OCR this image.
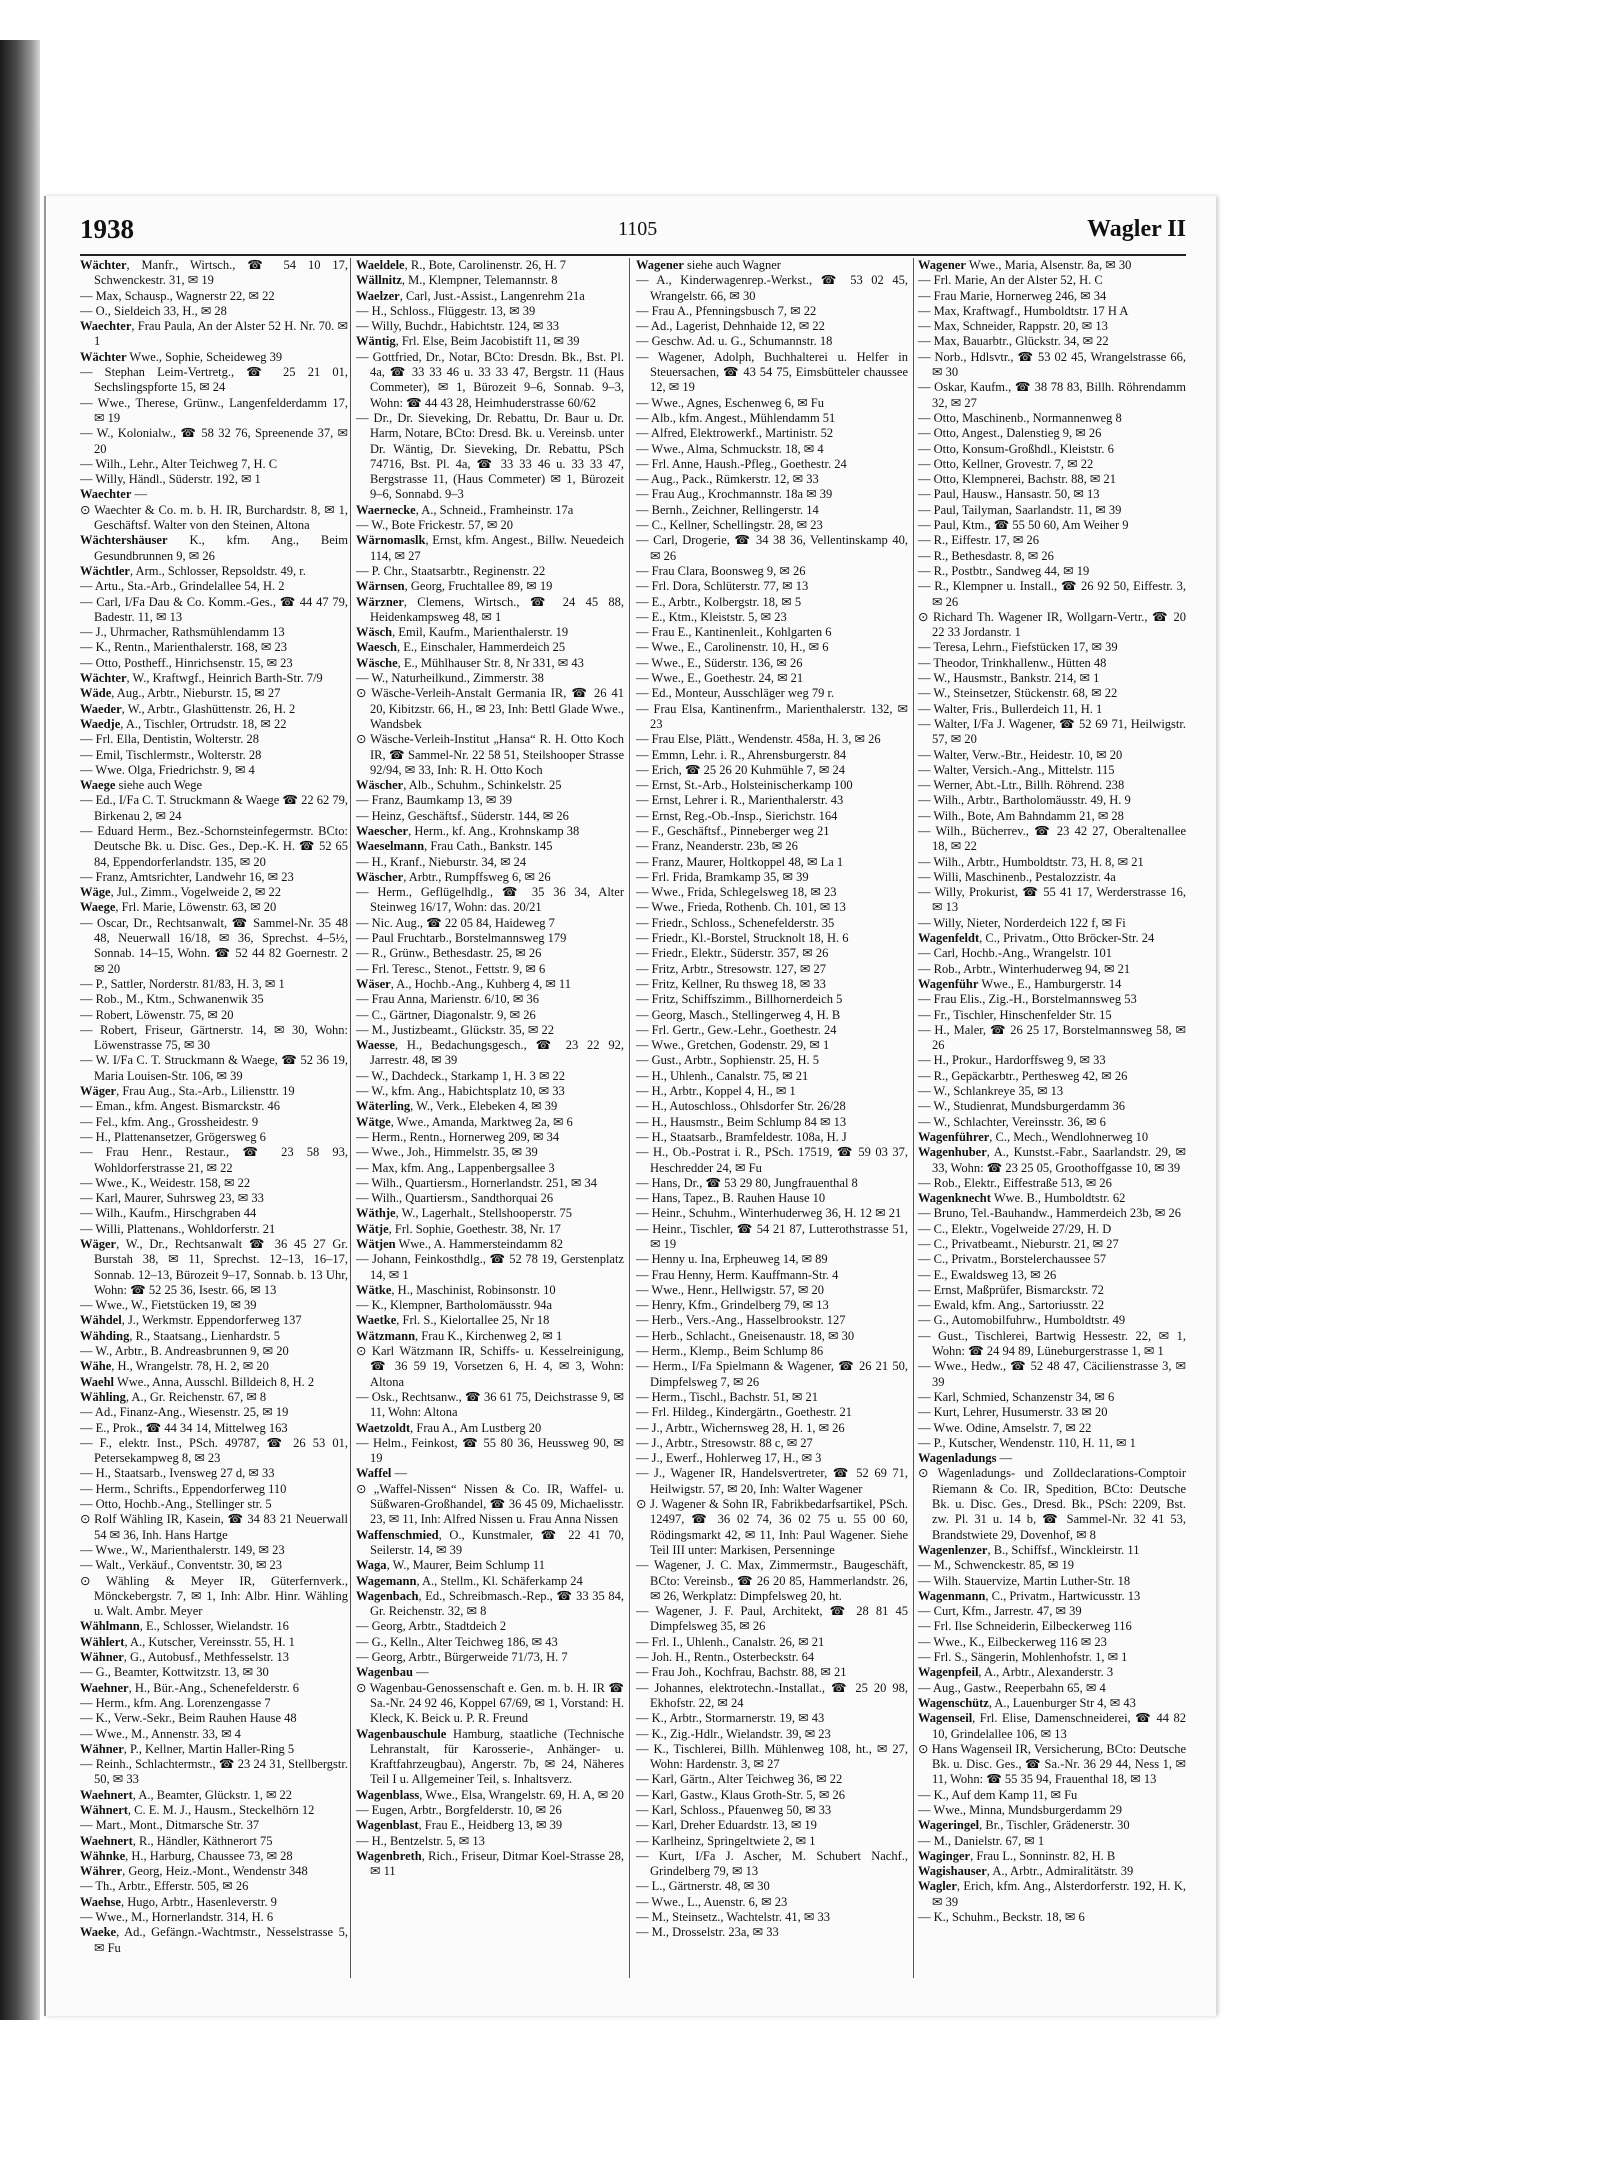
1938	1105	Wagler II

Wächter, Manfr., Wirtsch., ☎ 54 10 17, Schwenckestr. 31, ✉ 19

— Max, Schausp., Wagnerstr 22, ✉ 22

— O., Sieldeich 33, H., ✉ 28

Waechter, Frau Paula, An der Alster 52 H. Nr. 70. ✉ 1

Wächter Wwe., Sophie, Scheideweg 39

— Stephan Leim-Vertretg., ☎ 25 21 01, Sechslingspforte 15, ✉ 24

— Wwe., Therese, Grünw., Langenfelderdamm 17, ✉ 19

— W., Kolonialw., ☎ 58 32 76, Spreenende 37, ✉ 20

— Wilh., Lehr., Alter Teichweg 7, H. C

— Willy, Händl., Süderstr. 192, ✉ 1

Waechter —

⊙ Waechter & Co. m. b. H. IR, Burchardstr. 8, ✉ 1, Geschäftsf. Walter von den Steinen, Altona

Wächtershäuser K., kfm. Ang., Beim Gesundbrunnen 9, ✉ 26

Wächtler, Arm., Schlosser, Repsoldstr. 49, r.

— Artu., Sta.-Arb., Grindelallee 54, H. 2

— Carl, I/Fa Dau & Co. Komm.-Ges., ☎ 44 47 79, Badestr. 11, ✉ 13

— J., Uhrmacher, Rathsmühlendamm 13

— K., Rentn., Marienthalerstr. 168, ✉ 23

— Otto, Postheff., Hinrichsenstr. 15, ✉ 23

Wächter, W., Kraftwgf., Heinrich Barth-Str. 7/9

Wäde, Aug., Arbtr., Nieburstr. 15, ✉ 27

Waeder, W., Arbtr., Glashüttenstr. 26, H. 2

Waedje, A., Tischler, Ortrudstr. 18, ✉ 22

— Frl. Ella, Dentistin, Wolterstr. 28

— Emil, Tischlermstr., Wolterstr. 28

— Wwe. Olga, Friedrichstr. 9, ✉ 4

Waege siehe auch Wege

— Ed., I/Fa C. T. Struckmann & Waege ☎ 22 62 79, Birkenau 2, ✉ 24

— Eduard Herm., Bez.-Schornsteinfegermstr. BCto: Deutsche Bk. u. Disc. Ges., Dep.-K. H. ☎ 52 65 84, Eppendorferlandstr. 135, ✉ 20

— Franz, Amtsrichter, Landwehr 16, ✉ 23

Wäge, Jul., Zimm., Vogelweide 2, ✉ 22

Waege, Frl. Marie, Löwenstr. 63, ✉ 20

— Oscar, Dr., Rechtsanwalt, ☎ Sammel-Nr. 35 48 48, Neuerwall 16/18, ✉ 36, Sprechst. 4–5½, Sonnab. 14–15, Wohn. ☎ 52 44 82 Goernestr. 2 ✉ 20

— P., Sattler, Norderstr. 81/83, H. 3, ✉ 1

— Rob., M., Ktm., Schwanenwik 35

— Robert, Löwenstr. 75, ✉ 20

— Robert, Friseur, Gärtnerstr. 14, ✉ 30, Wohn: Löwenstrasse 75, ✉ 30

— W. I/Fa C. T. Struckmann & Waege, ☎ 52 36 19, Maria Louisen-Str. 106, ✉ 39

Wäger, Frau Aug., Sta.-Arb., Liliensttr. 19

— Eman., kfm. Angest. Bismarckstr. 46

— Fel., kfm. Ang., Grossheidestr. 9

— H., Plattenansetzer, Grögersweg 6

— Frau Henr., Restaur., ☎ 23 58 93, Wohldorferstrasse 21, ✉ 22

— Wwe., K., Weidestr. 158, ✉ 22

— Karl, Maurer, Suhrsweg 23, ✉ 33

— Wilh., Kaufm., Hirschgraben 44

— Willi, Plattenans., Wohldorferstr. 21

Wäger, W., Dr., Rechtsanwalt ☎ 36 45 27 Gr. Burstah 38, ✉ 11, Sprechst. 12–13, 16–17, Sonnab. 12–13, Bürozeit 9–17, Sonnab. b. 13 Uhr, Wohn: ☎ 52 25 36, Isestr. 66, ✉ 13

— Wwe., W., Fietstücken 19, ✉ 39

Wähdel, J., Werkmstr. Eppendorferweg 137

Wähding, R., Staatsang., Lienhardstr. 5

— W., Arbtr., B. Andreasbrunnen 9, ✉ 20

Wähe, H., Wrangelstr. 78, H. 2, ✉ 20

Waehl Wwe., Anna, Ausschl. Billdeich 8, H. 2

Wähling, A., Gr. Reichenstr. 67, ✉ 8

— Ad., Finanz-Ang., Wiesenstr. 25, ✉ 19

— E., Prok., ☎ 44 34 14, Mittelweg 163

— F., elektr. Inst., PSch. 49787, ☎ 26 53 01, Petersekampweg 8, ✉ 23

— H., Staatsarb., Ivensweg 27 d, ✉ 33

— Herm., Schrifts., Eppendorferweg 110

— Otto, Hochb.-Ang., Stellinger str. 5

⊙ Rolf Wähling IR, Kasein, ☎ 34 83 21 Neuerwall 54 ✉ 36, Inh. Hans Hartge

— Wwe., W., Marienthalerstr. 149, ✉ 23

— Walt., Verkäuf., Conventstr. 30, ✉ 23

⊙ Wähling & Meyer IR, Güterfernverk., Mönckebergstr. 7, ✉ 1, Inh: Albr. Hinr. Wähling u. Walt. Ambr. Meyer

Wählmann, E., Schlosser, Wielandstr. 16

Wählert, A., Kutscher, Vereinsstr. 55, H. 1

Wähner, G., Autobusf., Methfesselstr. 13

— G., Beamter, Kottwitzstr. 13, ✉ 30

Waehner, H., Bür.-Ang., Schenefelderstr. 6

— Herm., kfm. Ang. Lorenzengasse 7

— K., Verw.-Sekr., Beim Rauhen Hause 48

— Wwe., M., Annenstr. 33, ✉ 4

Wähner, P., Kellner, Martin Haller-Ring 5

— Reinh., Schlachtermstr., ☎ 23 24 31, Stellbergstr. 50, ✉ 33

Waehnert, A., Beamter, Glückstr. 1, ✉ 22

Wähnert, C. E. M. J., Hausm., Steckelhörn 12

— Mart., Mont., Ditmarsche Str. 37

Waehnert, R., Händler, Käthnerort 75

Wähnke, H., Harburg, Chaussee 73, ✉ 28

Währer, Georg, Heiz.-Mont., Wendenstr 348

— Th., Arbtr., Efferstr. 505, ✉ 26

Waehse, Hugo, Arbtr., Hasenleverstr. 9

— Wwe., M., Hornerlandstr. 314, H. 6

Waeke, Ad., Gefängn.-Wachtmstr., Nesselstrasse 5, ✉ Fu

Waeldele, R., Bote, Carolinenstr. 26, H. 7

Wällnitz, M., Klempner, Telemannstr. 8

Waelzer, Carl, Just.-Assist., Langenrehm 21a

— H., Schloss., Flüggestr. 13, ✉ 39

— Willy, Buchdr., Habichtstr. 124, ✉ 33

Wäntig, Frl. Else, Beim Jacobistift 11, ✉ 39

— Gottfried, Dr., Notar, BCto: Dresdn. Bk., Bst. Pl. 4a, ☎ 33 33 46 u. 33 33 47, Bergstr. 11 (Haus Commeter), ✉ 1, Bürozeit 9–6, Sonnab. 9–3, Wohn: ☎ 44 43 28, Heimhuderstrasse 60/62

— Dr., Dr. Sieveking, Dr. Rebattu, Dr. Baur u. Dr. Harm, Notare, BCto: Dresd. Bk. u. Vereinsb. unter Dr. Wäntig, Dr. Sieveking, Dr. Rebattu, PSch 74716, Bst. Pl. 4a, ☎ 33 33 46 u. 33 33 47, Bergstrasse 11, (Haus Commeter) ✉ 1, Bürozeit 9–6, Sonnabd. 9–3

Waernecke, A., Schneid., Framheinstr. 17a

— W., Bote Frickestr. 57, ✉ 20

Wärnomaslk, Ernst, kfm. Angest., Billw. Neuedeich 114, ✉ 27

— P. Chr., Staatsarbtr., Reginenstr. 22

Wärnsen, Georg, Fruchtallee 89, ✉ 19

Wärzner, Clemens, Wirtsch., ☎ 24 45 88, Heidenkampsweg 48, ✉ 1

Wäsch, Emil, Kaufm., Marienthalerstr. 19

Waesch, E., Einschaler, Hammerdeich 25

Wäsche, E., Mühlhauser Str. 8, Nr 331, ✉ 43

— W., Naturheilkund., Zimmerstr. 38

⊙ Wäsche-Verleih-Anstalt Germania IR, ☎ 26 41 20, Kibitzstr. 66, H., ✉ 23, Inh: Bettl Glade Wwe., Wandsbek

⊙ Wäsche-Verleih-Institut „Hansa“ R. H. Otto Koch IR, ☎ Sammel-Nr. 22 58 51, Steilshooper Strasse 92/94, ✉ 33, Inh: R. H. Otto Koch

Wäscher, Alb., Schuhm., Schinkelstr. 25

— Franz, Baumkamp 13, ✉ 39

— Heinz, Geschäftsf., Süderstr. 144, ✉ 26

Waescher, Herm., kf. Ang., Krohnskamp 38

Waeselmann, Frau Cath., Bankstr. 145

— H., Kranf., Nieburstr. 34, ✉ 24

Wäscher, Arbtr., Rumpffsweg 6, ✉ 26

— Herm., Geflügelhdlg., ☎ 35 36 34, Alter Steinweg 16/17, Wohn: das. 20/21

— Nic. Aug., ☎ 22 05 84, Haideweg 7

— Paul Fruchtarb., Borstelmannsweg 179

— R., Grünw., Bethesdastr. 25, ✉ 26

— Frl. Teresc., Stenot., Fettstr. 9, ✉ 6

Wäser, A., Hochb.-Ang., Kuhberg 4, ✉ 11

— Frau Anna, Marienstr. 6/10, ✉ 36

— C., Gärtner, Diagonalstr. 9, ✉ 26

— M., Justizbeamt., Glückstr. 35, ✉ 22

Waesse, H., Bedachungsgesch., ☎ 23 22 92, Jarrestr. 48, ✉ 39

— W., Dachdeck., Starkamp 1, H. 3 ✉ 22

— W., kfm. Ang., Habichtsplatz 10, ✉ 33

Wäterling, W., Verk., Elebeken 4, ✉ 39

Wätge, Wwe., Amanda, Marktweg 2a, ✉ 6

— Herm., Rentn., Hornerweg 209, ✉ 34

— Wwe., Joh., Himmelstr. 35, ✉ 39

— Max, kfm. Ang., Lappenbergsallee 3

— Wilh., Quartiersm., Hornerlandstr. 251, ✉ 34

— Wilh., Quartiersm., Sandthorquai 26

Wäthje, W., Lagerhalt., Stellshooperstr. 75

Wätje, Frl. Sophie, Goethestr. 38, Nr. 17

Wätjen Wwe., A. Hammersteindamm 82

— Johann, Feinkosthdlg., ☎ 52 78 19, Gerstenplatz 14, ✉ 1

Wätke, H., Maschinist, Robinsonstr. 10

— K., Klempner, Bartholomäusstr. 94a

Waetke, Frl. S., Kielortallee 25, Nr 18

Wätzmann, Frau K., Kirchenweg 2, ✉ 1

⊙ Karl Wätzmann IR, Schiffs- u. Kesselreinigung, ☎ 36 59 19, Vorsetzen 6, H. 4, ✉ 3, Wohn: Altona

— Osk., Rechtsanw., ☎ 36 61 75, Deichstrasse 9, ✉ 11, Wohn: Altona

Waetzoldt, Frau A., Am Lustberg 20

— Helm., Feinkost, ☎ 55 80 36, Heussweg 90, ✉ 19

Waffel —

⊙ „Waffel-Nissen“ Nissen & Co. IR, Waffel- u. Süßwaren-Großhandel, ☎ 36 45 09, Michaelisstr. 23, ✉ 11, Inh: Alfred Nissen u. Frau Anna Nissen

Waffenschmied, O., Kunstmaler, ☎ 22 41 70, Seilerstr. 14, ✉ 39

Waga, W., Maurer, Beim Schlump 11

Wagemann, A., Stellm., Kl. Schäferkamp 24

Wagenbach, Ed., Schreibmasch.-Rep., ☎ 33 35 84, Gr. Reichenstr. 32, ✉ 8

— Georg, Arbtr., Stadtdeich 2

— G., Kelln., Alter Teichweg 186, ✉ 43

— Georg, Arbtr., Bürgerweide 71/73, H. 7

Wagenbau —

⊙ Wagenbau-Genossenschaft e. Gen. m. b. H. IR ☎ Sa.-Nr. 24 92 46, Koppel 67/69, ✉ 1, Vorstand: H. Kleck, K. Beick u. P. R. Freund

Wagenbauschule Hamburg, staatliche (Technische Lehranstalt, für Karosserie-, Anhänger- u. Kraftfahrzeugbau), Angerstr. 7b, ✉ 24, Näheres Teil I u. Allgemeiner Teil, s. Inhaltsverz.

Wagenblass, Wwe., Elsa, Wrangelstr. 69, H. A, ✉ 20

— Eugen, Arbtr., Borgfelderstr. 10, ✉ 26

Wagenblast, Frau E., Heidberg 13, ✉ 39

— H., Bentzelstr. 5, ✉ 13

Wagenbreth, Rich., Friseur, Ditmar Koel-Strasse 28, ✉ 11

Wagener siehe auch Wagner

— A., Kinderwagenrep.-Werkst., ☎ 53 02 45, Wrangelstr. 66, ✉ 30

— Frau A., Pfenningsbusch 7, ✉ 22

— Ad., Lagerist, Dehnhaide 12, ✉ 22

— Geschw. Ad. u. G., Schumannstr. 18

— Wagener, Adolph, Buchhalterei u. Helfer in Steuersachen, ☎ 43 54 75, Eimsbütteler chaussee 12, ✉ 19

— Wwe., Agnes, Eschenweg 6, ✉ Fu

— Alb., kfm. Angest., Mühlendamm 51

— Alfred, Elektrowerkf., Martinistr. 52

— Wwe., Alma, Schmuckstr. 18, ✉ 4

— Frl. Anne, Haush.-Pfleg., Goethestr. 24

— Aug., Pack., Rümkerstr. 12, ✉ 33

— Frau Aug., Krochmannstr. 18a ✉ 39

— Bernh., Zeichner, Rellingerstr. 14

— C., Kellner, Schellingstr. 28, ✉ 23

— Carl, Drogerie, ☎ 34 38 36, Vellentinskamp 40, ✉ 26

— Frau Clara, Boonsweg 9, ✉ 26

— Frl. Dora, Schlüterstr. 77, ✉ 13

— E., Arbtr., Kolbergstr. 18, ✉ 5

— E., Ktm., Kleiststr. 5, ✉ 23

— Frau E., Kantinenleit., Kohlgarten 6

— Wwe., E., Carolinenstr. 10, H., ✉ 6

— Wwe., E., Süderstr. 136, ✉ 26

— Wwe., E., Goethestr. 24, ✉ 21

— Ed., Monteur, Ausschläger weg 79 r.

— Frau Elsa, Kantinenfrm., Marienthalerstr. 132, ✉ 23

— Frau Else, Plätt., Wendenstr. 458a, H. 3, ✉ 26

— Emmn, Lehr. i. R., Ahrensburgerstr. 84

— Erich, ☎ 25 26 20 Kuhmühle 7, ✉ 24

— Ernst, St.-Arb., Holsteinischerkamp 100

— Ernst, Lehrer i. R., Marienthalerstr. 43

— Ernst, Reg.-Ob.-Insp., Sierichstr. 164

— F., Geschäftsf., Pinneberger weg 21

— Franz, Neanderstr. 23b, ✉ 26

— Franz, Maurer, Holtkoppel 48, ✉ La 1

— Frl. Frida, Bramkamp 35, ✉ 39

— Wwe., Frida, Schlegelsweg 18, ✉ 23

— Wwe., Frieda, Rothenb. Ch. 101, ✉ 13

— Friedr., Schloss., Schenefelderstr. 35

— Friedr., Kl.-Borstel, Strucknolt 18, H. 6

— Friedr., Elektr., Süderstr. 357, ✉ 26

— Fritz, Arbtr., Stresowstr. 127, ✉ 27

— Fritz, Kellner, Ru thsweg 18, ✉ 33

— Fritz, Schiffszimm., Billhornerdeich 5

— Georg, Masch., Stellingerweg 4, H. B

— Frl. Gertr., Gew.-Lehr., Goethestr. 24

— Wwe., Gretchen, Godenstr. 29, ✉ 1

— Gust., Arbtr., Sophienstr. 25, H. 5

— H., Uhlenh., Canalstr. 75, ✉ 21

— H., Arbtr., Koppel 4, H., ✉ 1

— H., Autoschloss., Ohlsdorfer Str. 26/28

— H., Hausmstr., Beim Schlump 84 ✉ 13

— H., Staatsarb., Bramfeldestr. 108a, H. J

— H., Ob.-Postrat i. R., PSch. 17519, ☎ 59 03 37, Heschredder 24, ✉ Fu

— Hans, Dr., ☎ 53 29 80, Jungfrauenthal 8

— Hans, Tapez., B. Rauhen Hause 10

— Heinr., Schuhm., Winterhuderweg 36, H. 12 ✉ 21

— Heinr., Tischler, ☎ 54 21 87, Lutterothstrasse 51, ✉ 19

— Henny u. Ina, Erpheuweg 14, ✉ 89

— Frau Henny, Herm. Kauffmann-Str. 4

— Wwe., Henr., Hellwigstr. 57, ✉ 20

— Henry, Kfm., Grindelberg 79, ✉ 13

— Herb., Vers.-Ang., Hasselbrookstr. 127

— Herb., Schlacht., Gneisenaustr. 18, ✉ 30

— Herm., Klemp., Beim Schlump 86

— Herm., I/Fa Spielmann & Wagener, ☎ 26 21 50, Dimpfelsweg 7, ✉ 26

— Herm., Tischl., Bachstr. 51, ✉ 21

— Frl. Hildeg., Kindergärtn., Goethestr. 21

— J., Arbtr., Wichernsweg 28, H. 1, ✉ 26

— J., Arbtr., Stresowstr. 88 c, ✉ 27

— J., Ewerf., Hohlerweg 17, H., ✉ 3

— J., Wagener IR, Handelsvertreter, ☎ 52 69 71, Heilwigstr. 57, ✉ 20, Inh: Walter Wagener

⊙ J. Wagener & Sohn IR, Fabrikbedarfsartikel, PSch. 12497, ☎ 36 02 74, 36 02 75 u. 55 00 60, Rödingsmarkt 42, ✉ 11, Inh: Paul Wagener. Siehe Teil III unter: Markisen, Persenninge

— Wagener, J. C. Max, Zimmermstr., Baugeschäft, BCto: Vereinsb., ☎ 26 20 85, Hammerlandstr. 26, ✉ 26, Werkplatz: Dimpfelsweg 20, ht.

— Wagener, J. F. Paul, Architekt, ☎ 28 81 45 Dimpfelsweg 35, ✉ 26

— Frl. I., Uhlenh., Canalstr. 26, ✉ 21

— Joh. H., Rentn., Osterbeckstr. 64

— Frau Joh., Kochfrau, Bachstr. 88, ✉ 21

— Johannes, elektrotechn.-Installat., ☎ 25 20 98, Ekhofstr. 22, ✉ 24

— K., Arbtr., Stormarnerstr. 19, ✉ 43

— K., Zig.-Hdlr., Wielandstr. 39, ✉ 23

— K., Tischlerei, Billh. Mühlenweg 108, ht., ✉ 27, Wohn: Hardenstr. 3, ✉ 27

— Karl, Gärtn., Alter Teichweg 36, ✉ 22

— Karl, Gastw., Klaus Groth-Str. 5, ✉ 26

— Karl, Schloss., Pfauenweg 50, ✉ 33

— Karl, Dreher Eduardstr. 13, ✉ 19

— Karlheinz, Springeltwiete 2, ✉ 1

— Kurt, I/Fa J. Ascher, M. Schubert Nachf., Grindelberg 79, ✉ 13

— L., Gärtnerstr. 48, ✉ 30

— Wwe., L., Auenstr. 6, ✉ 23

— M., Steinsetz., Wachtelstr. 41, ✉ 33

— M., Drosselstr. 23a, ✉ 33

Wagener Wwe., Maria, Alsenstr. 8a, ✉ 30

— Frl. Marie, An der Alster 52, H. C

— Frau Marie, Hornerweg 246, ✉ 34

— Max, Kraftwagf., Humboldtstr. 17 H A

— Max, Schneider, Rappstr. 20, ✉ 13

— Max, Bauarbtr., Glückstr. 34, ✉ 22

— Norb., Hdlsvtr., ☎ 53 02 45, Wrangelstrasse 66, ✉ 30

— Oskar, Kaufm., ☎ 38 78 83, Billh. Röhrendamm 32, ✉ 27

— Otto, Maschinenb., Normannenweg 8

— Otto, Angest., Dalenstieg 9, ✉ 26

— Otto, Konsum-Großhdl., Kleiststr. 6

— Otto, Kellner, Grovestr. 7, ✉ 22

— Otto, Klempnerei, Bachstr. 88, ✉ 21

— Paul, Hausw., Hansastr. 50, ✉ 13

— Paul, Tailyman, Saarlandstr. 11, ✉ 39

— Paul, Ktm., ☎ 55 50 60, Am Weiher 9

— R., Eiffestr. 17, ✉ 26

— R., Bethesdastr. 8, ✉ 26

— R., Postbtr., Sandweg 44, ✉ 19

— R., Klempner u. Install., ☎ 26 92 50, Eiffestr. 3, ✉ 26

⊙ Richard Th. Wagener IR, Wollgarn-Vertr., ☎ 20 22 33 Jordanstr. 1

— Teresa, Lehrn., Fiefstücken 17, ✉ 39

— Theodor, Trinkhallenw., Hütten 48

— W., Hausmstr., Bankstr. 214, ✉ 1

— W., Steinsetzer, Stückenstr. 68, ✉ 22

— Walter, Fris., Bullerdeich 11, H. 1

— Walter, I/Fa J. Wagener, ☎ 52 69 71, Heilwigstr. 57, ✉ 20

— Walter, Verw.-Btr., Heidestr. 10, ✉ 20

— Walter, Versich.-Ang., Mittelstr. 115

— Werner, Abt.-Ltr., Billh. Röhrend. 238

— Wilh., Arbtr., Bartholomäusstr. 49, H. 9

— Wilh., Bote, Am Bahndamm 21, ✉ 28

— Wilh., Bücherrev., ☎ 23 42 27, Oberaltenallee 18, ✉ 22

— Wilh., Arbtr., Humboldtstr. 73, H. 8, ✉ 21

— Willi, Maschinenb., Pestalozzistr. 4a

— Willy, Prokurist, ☎ 55 41 17, Werderstrasse 16, ✉ 13

— Willy, Nieter, Norderdeich 122 f, ✉ Fi

Wagenfeldt, C., Privatm., Otto Bröcker-Str. 24

— Carl, Hochb.-Ang., Wrangelstr. 101

— Rob., Arbtr., Winterhuderweg 94, ✉ 21

Wagenführ Wwe., E., Hamburgerstr. 14

— Frau Elis., Zig.-H., Borstelmannsweg 53

— Fr., Tischler, Hinschenfelder Str. 15

— H., Maler, ☎ 26 25 17, Borstelmannsweg 58, ✉ 26

— H., Prokur., Hardorffsweg 9, ✉ 33

— R., Gepäckarbtr., Perthesweg 42, ✉ 26

— W., Schlankreye 35, ✉ 13

— W., Studienrat, Mundsburgerdamm 36

— W., Schlachter, Vereinsstr. 36, ✉ 6

Wagenführer, C., Mech., Wendlohnerweg 10

Wagenhuber, A., Kunstst.-Fabr., Saarlandstr. 29, ✉ 33, Wohn: ☎ 23 25 05, Groothoffgasse 10, ✉ 39

— Rob., Elektr., Eiffestraße 513, ✉ 26

Wagenknecht Wwe. B., Humboldtstr. 62

— Bruno, Tel.-Bauhandw., Hammerdeich 23b, ✉ 26

— C., Elektr., Vogelweide 27/29, H. D

— C., Privatbeamt., Nieburstr. 21, ✉ 27

— C., Privatm., Borstelerchaussee 57

— E., Ewaldsweg 13, ✉ 26

— Ernst, Maßprüfer, Bismarckstr. 72

— Ewald, kfm. Ang., Sartoriusstr. 22

— G., Automobilfuhrw., Humboldtstr. 49

— Gust., Tischlerei, Bartwig Hessestr. 22, ✉ 1, Wohn: ☎ 24 94 89, Lüneburgerstrasse 1, ✉ 1

— Wwe., Hedw., ☎ 52 48 47, Cäcilienstrasse 3, ✉ 39

— Karl, Schmied, Schanzenstr 34, ✉ 6

— Kurt, Lehrer, Husumerstr. 33 ✉ 20

— Wwe. Odine, Amselstr. 7, ✉ 22

— P., Kutscher, Wendenstr. 110, H. 11, ✉ 1

Wagenladungs —

⊙ Wagenladungs- und Zolldeclarations-Comptoir Riemann & Co. IR, Spedition, BCto: Deutsche Bk. u. Disc. Ges., Dresd. Bk., PSch: 2209, Bst. zw. Pl. 31 u. 14 b, ☎ Sammel-Nr. 32 41 53, Brandstwiete 29, Dovenhof, ✉ 8

Wagenlenzer, B., Schiffsf., Winckleirstr. 11

— M., Schwenckestr. 85, ✉ 19

— Wilh. Stauervize, Martin Luther-Str. 18

Wagenmann, C., Privatm., Hartwicusstr. 13

— Curt, Kfm., Jarrestr. 47, ✉ 39

— Frl. Ilse Schneiderin, Eilbeckerweg 116

— Wwe., K., Eilbeckerweg 116 ✉ 23

— Frl. S., Sängerin, Mohlenhofstr. 1, ✉ 1

Wagenpfeil, A., Arbtr., Alexanderstr. 3

— Aug., Gastw., Reeperbahn 65, ✉ 4

Wagenschütz, A., Lauenburger Str 4, ✉ 43

Wagenseil, Frl. Elise, Damenschneiderei, ☎ 44 82 10, Grindelallee 106, ✉ 13

⊙ Hans Wagenseil IR, Versicherung, BCto: Deutsche Bk. u. Disc. Ges., ☎ Sa.-Nr. 36 29 44, Ness 1, ✉ 11, Wohn: ☎ 55 35 94, Frauenthal 18, ✉ 13

— K., Auf dem Kamp 11, ✉ Fu

— Wwe., Minna, Mundsburgerdamm 29

Wageringel, Br., Tischler, Grädenerstr. 30

— M., Danielstr. 67, ✉ 1

Waginger, Frau L., Sonninstr. 82, H. B

Wagishauser, A., Arbtr., Admiralitätstr. 39

Wagler, Erich, kfm. Ang., Alsterdorferstr. 192, H. K, ✉ 39

— K., Schuhm., Beckstr. 18, ✉ 6
